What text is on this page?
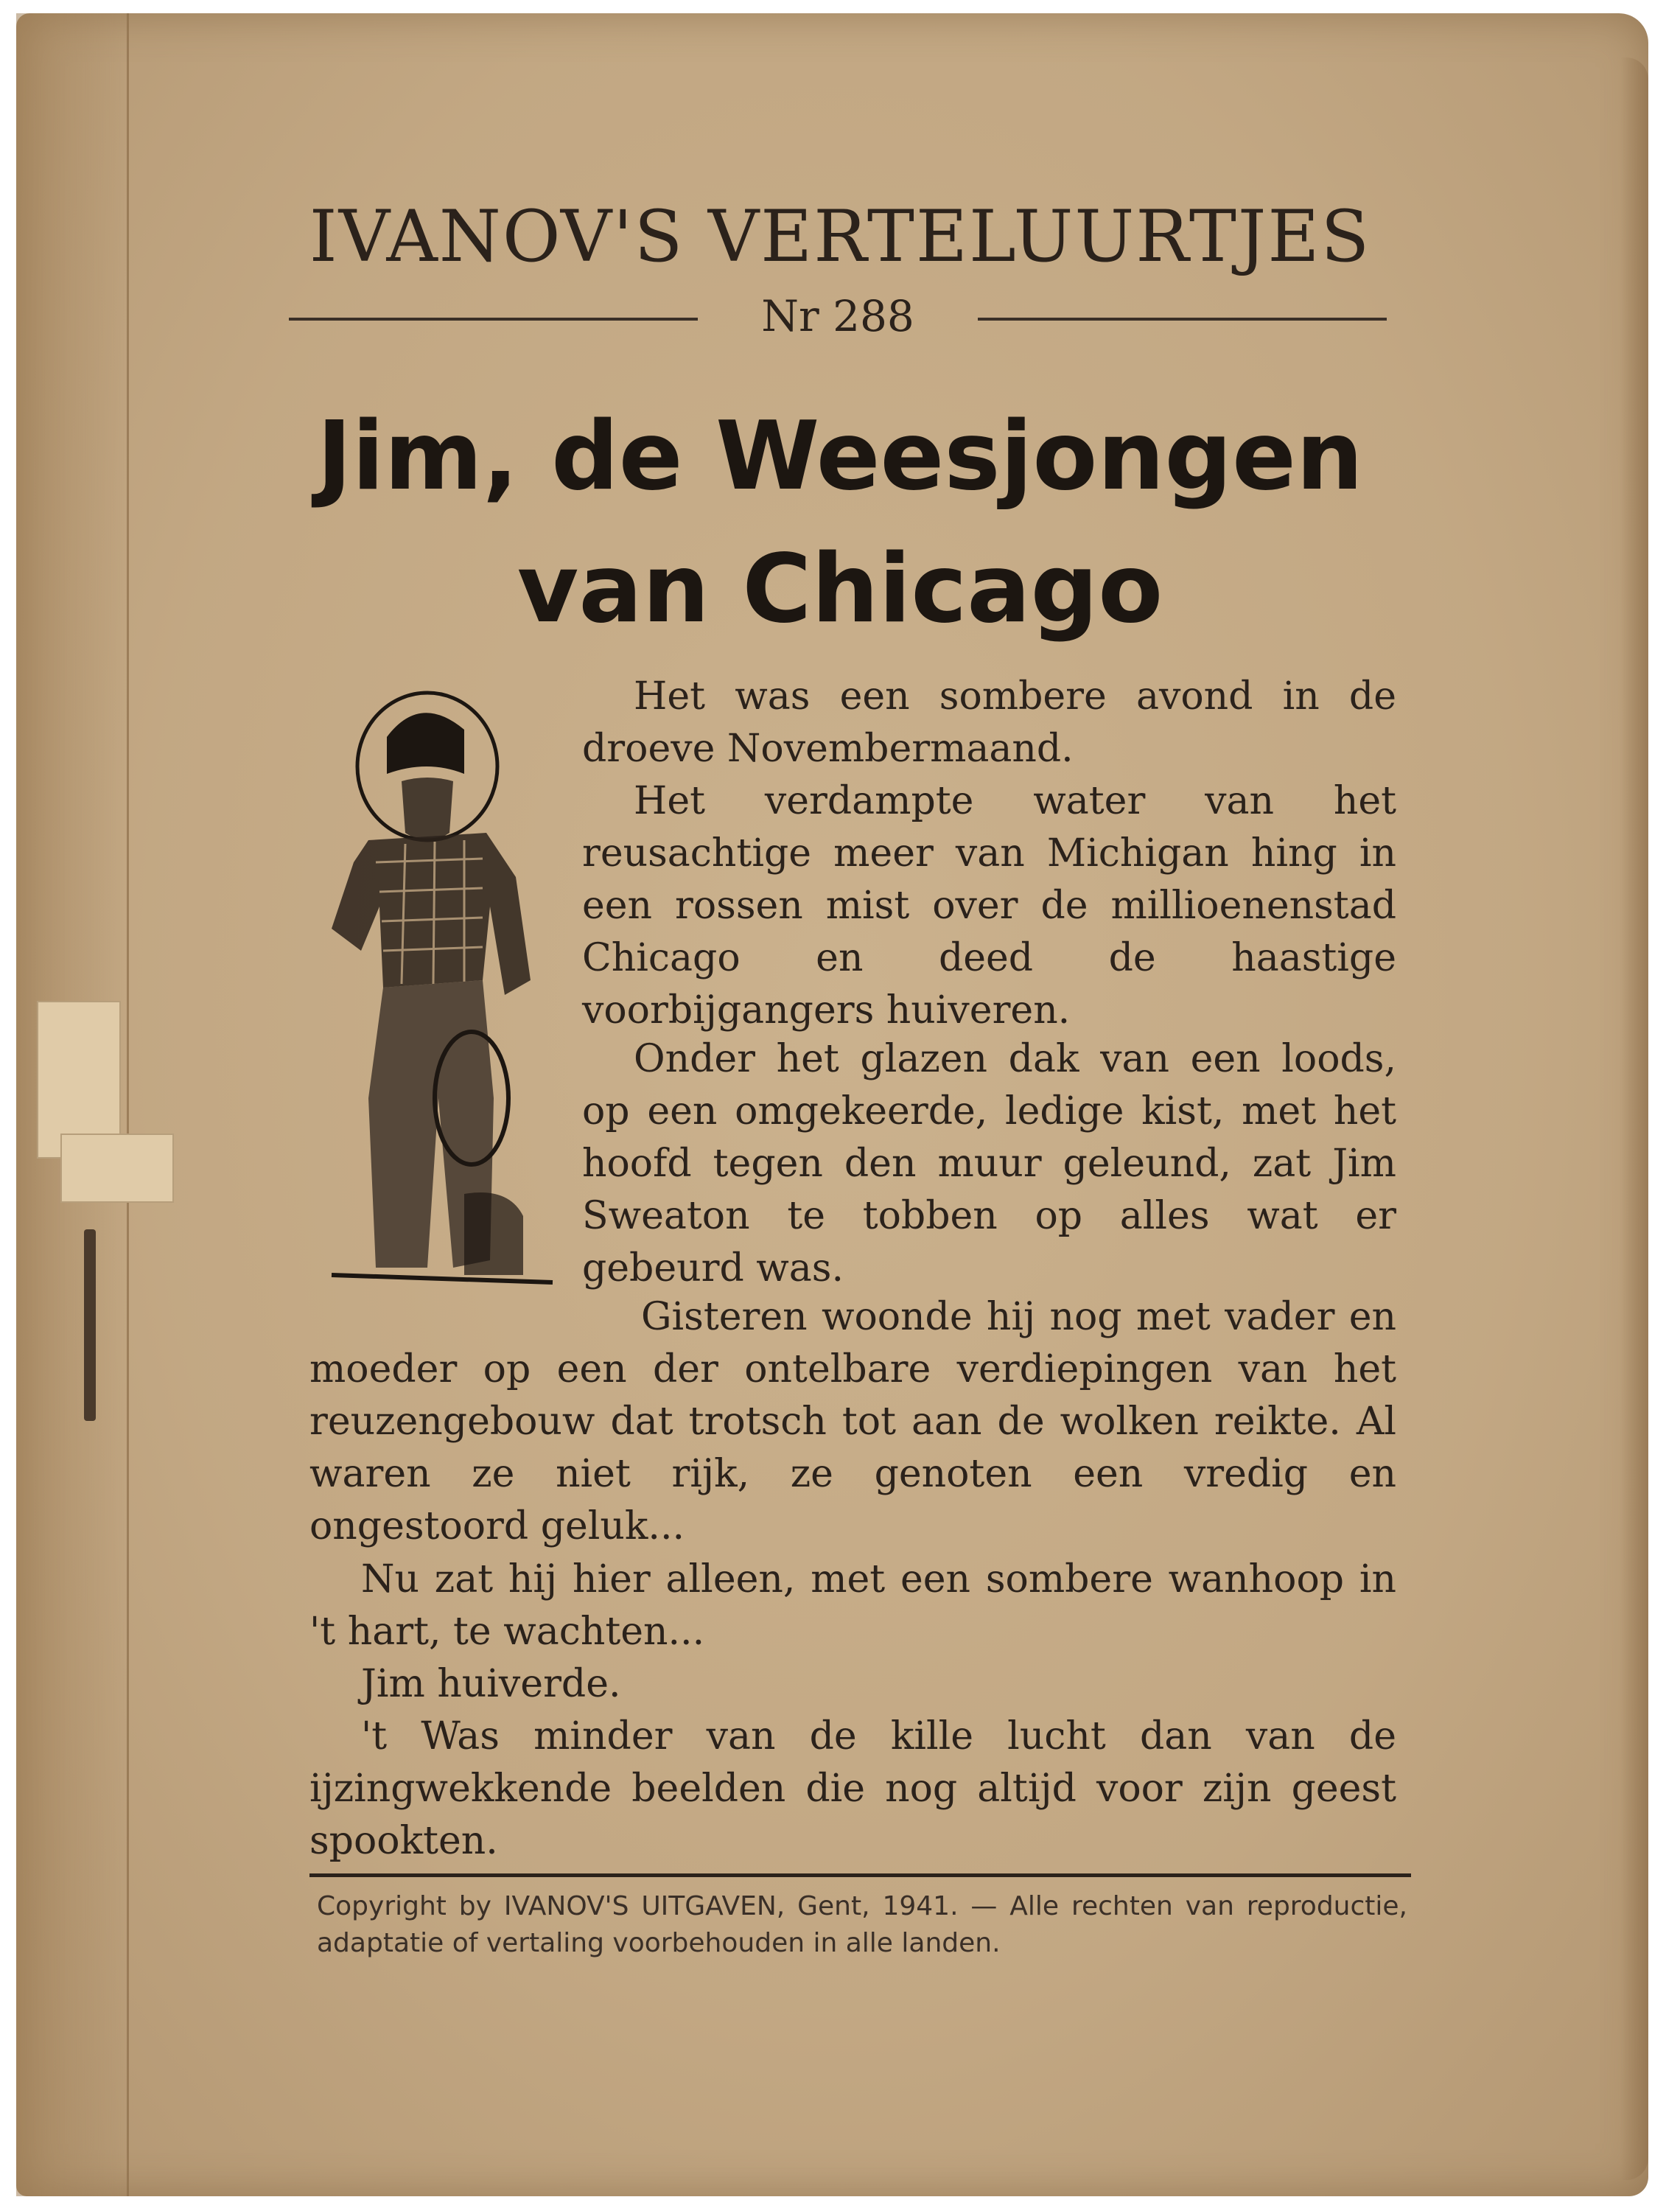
IVANOV'S VERTELUURTJES
Nr 288
Jim, de Weesjongen
van Chicago

Het was een sombere avond in de droeve Novembermaand.

Het verdampte water van het reusachtige meer van Michigan hing in een rossen mist over de millioenenstad Chicago en deed de haastige voorbijgangers huiveren.

Onder het glazen dak van een loods, op een omgekeerde, ledige kist, met het hoofd tegen den muur geleund, zat Jim Sweaton te tobben op alles wat er gebeurd was.

Gisteren woonde hij nog met vader en moeder op een der ontelbare verdiepingen van het reuzengebouw dat trotsch tot aan de wolken reikte. Al waren ze niet rijk, ze genoten een vredig en ongestoord geluk...

Nu zat hij hier alleen, met een sombere wanhoop in 't hart, te wachten...

Jim huiverde.

't Was minder van de kille lucht dan van de ijzingwekkende beelden die nog altijd voor zijn geest spookten.

Copyright by IVANOV'S UITGAVEN, Gent, 1941. — Alle rechten van reproductie, adaptatie of vertaling voorbehouden in alle landen.
